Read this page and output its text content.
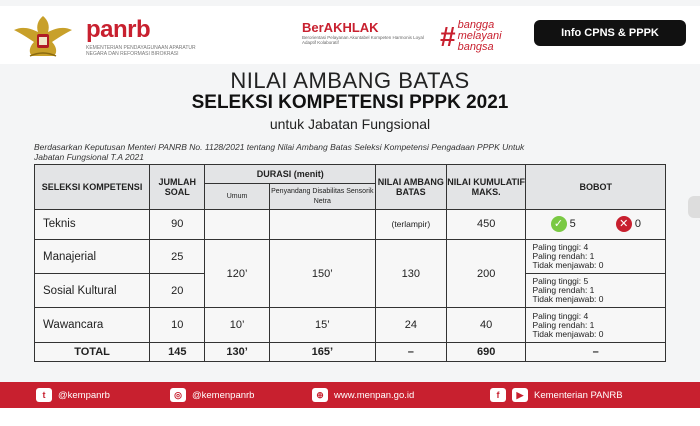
panrb
KEMENTERIAN PENDAYAGUNAAN APARATUR NEGARA DAN REFORMASI BIROKRASI
BerAKHLAK
Berorientasi Pelayanan Akuntabel Kompeten Harmonis Loyal Adaptif Kolaboratif	# bangga melayani bangsa
Info CPNS & PPPK
NILAI AMBANG BATAS
SELEKSI KOMPETENSI PPPK 2021
untuk Jabatan Fungsional
Berdasarkan Keputusan Menteri PANRB No. 1128/2021 tentang Nilai Ambang Batas Seleksi Kompetensi Pengadaan PPPK Untuk Jabatan Fungsional T.A 2021
SELEKSI KOMPETENSI	JUMLAH SOAL	DURASI (menit)		NILAI AMBANG BATAS	NILAI KUMULATIF MAKS.	BOBOT
		Umum	Penyandang Disabilitas Sensorik Netra			
Teknis	90			(terlampir)	450	✓ 5 ✕ 0

Manajerial	25	120’	150’	130	200	Paling tinggi: 4
Paling rendah: 1
Tidak menjawab: 0

Sosial Kultural	20					Paling tinggi: 5
Paling rendah: 1
Tidak menjawab: 0

Wawancara	10	10’	15’	24	40	Paling tinggi: 4
Paling rendah: 1
Tidak menjawab: 0

TOTAL	145	130’	165’	–	690	–
t	@kempanrb	◎	@kemenpanrb	⊕	www.menpan.go.id	f	▶	Kementerian PANRB
